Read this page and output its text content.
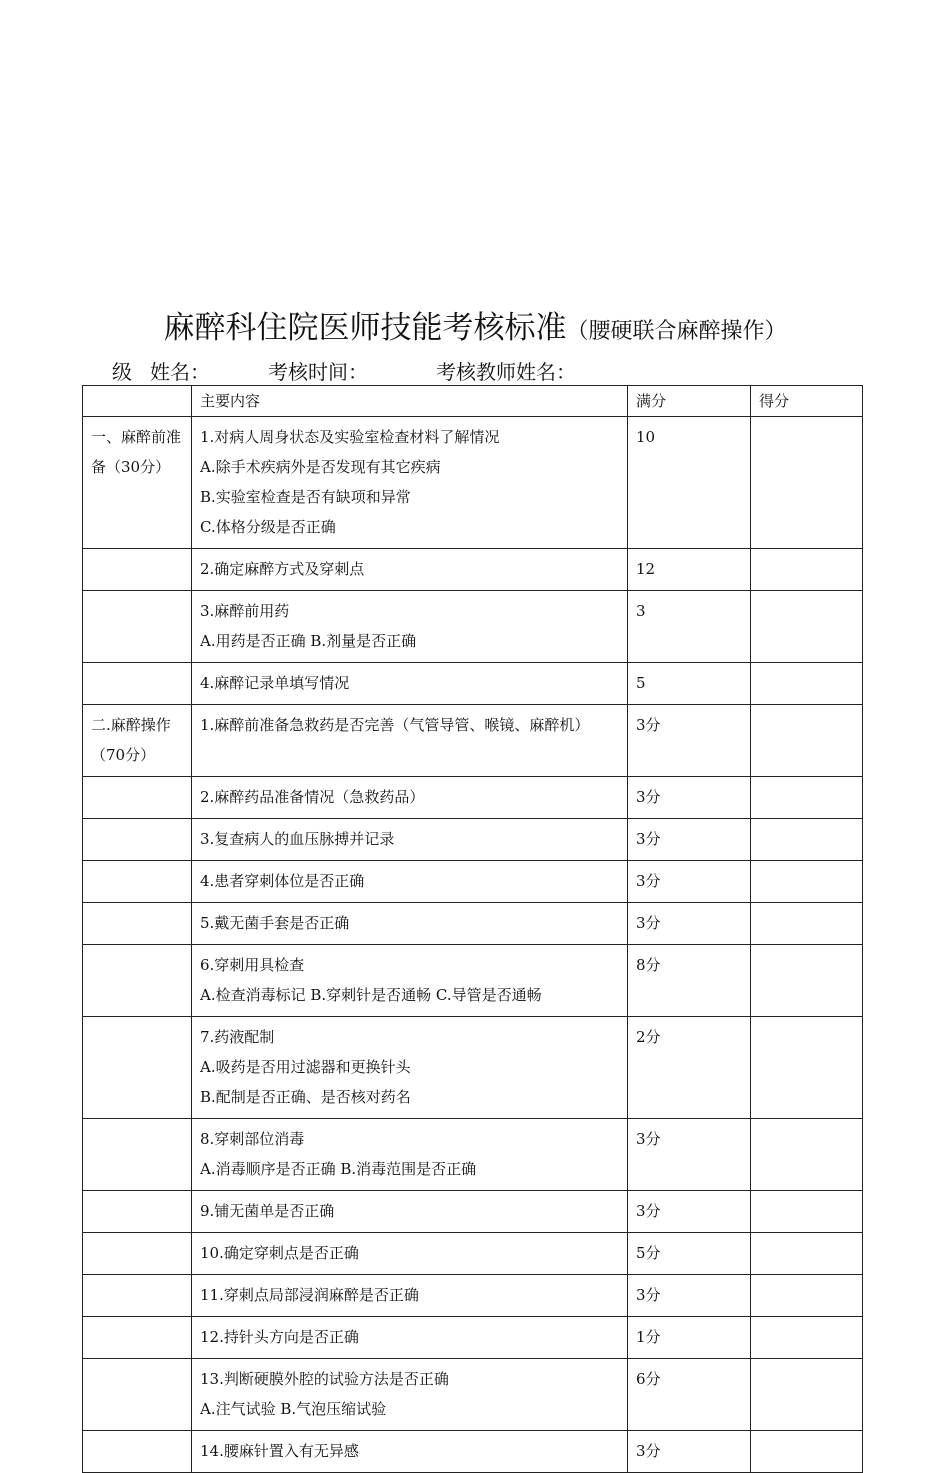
麻醉科住院医师技能考核标准（腰硬联合麻醉操作）
级 姓名：	考核时间：	考核教师姓名：
	主要内容	满分	得分
一、麻醉前准备（30分）	1.对病人周身状态及实验室检查材料了解情况
A.除手术疾病外是否发现有其它疾病
B.实验室检查是否有缺项和异常
C.体格分级是否正确	10	

	2.确定麻醉方式及穿刺点	12	

	3.麻醉前用药
A.用药是否正确 B.剂量是否正确	3	

	4.麻醉记录单填写情况	5	
二.麻醉操作（70分）	1.麻醉前准备急救药是否完善（气管导管、喉镜、麻醉机）	3分	

	2.麻醉药品准备情况（急救药品）	3分	

	3.复查病人的血压脉搏并记录	3分	

	4.患者穿刺体位是否正确	3分	

	5.戴无菌手套是否正确	3分	

	6.穿刺用具检查
A.检查消毒标记 B.穿刺针是否通畅 C.导管是否通畅	8分	

	7.药液配制
A.吸药是否用过滤器和更换针头
B.配制是否正确、是否核对药名	2分	

	8.穿刺部位消毒
A.消毒顺序是否正确 B.消毒范围是否正确	3分	

	9.铺无菌单是否正确	3分	

	10.确定穿刺点是否正确	5分	

	11.穿刺点局部浸润麻醉是否正确	3分	

	12.持针头方向是否正确	1分	

	13.判断硬膜外腔的试验方法是否正确
A.注气试验 B.气泡压缩试验	6分	

	14.腰麻针置入有无异感	3分	
